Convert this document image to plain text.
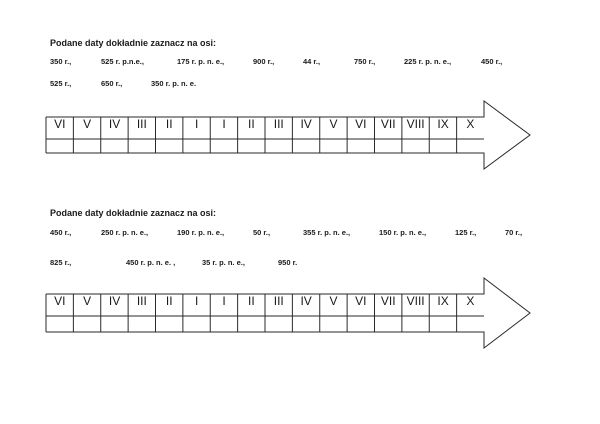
Podane daty dokładnie zaznacz na osi:
350 r.,	525 r. p.n.e.,	175 r. p. n. e.,	900 r.,	44 r.,	750 r.,	225 r. p. n. e.,	450 r.,
525 r.,	650 r.,	350 r. p. n. e.
VI	V	IV	III	II	I	I	II	III	IV	V	VI	VII VIII	IX	X
Podane daty dokładnie zaznacz na osi:
450 r.,	250 r. p. n. e.,	190 r. p. n. e.,	50 r.,	355 r. p. n. e.,	150 r. p. n. e.,	125 r.,	70 r.,
825 r.,	450 r. p. n. e. ,	35 r. p. n. e.,	950 r.
VI	V	IV	III	II	I	I	II	III	IV	V	VI	VII VIII	IX	X
